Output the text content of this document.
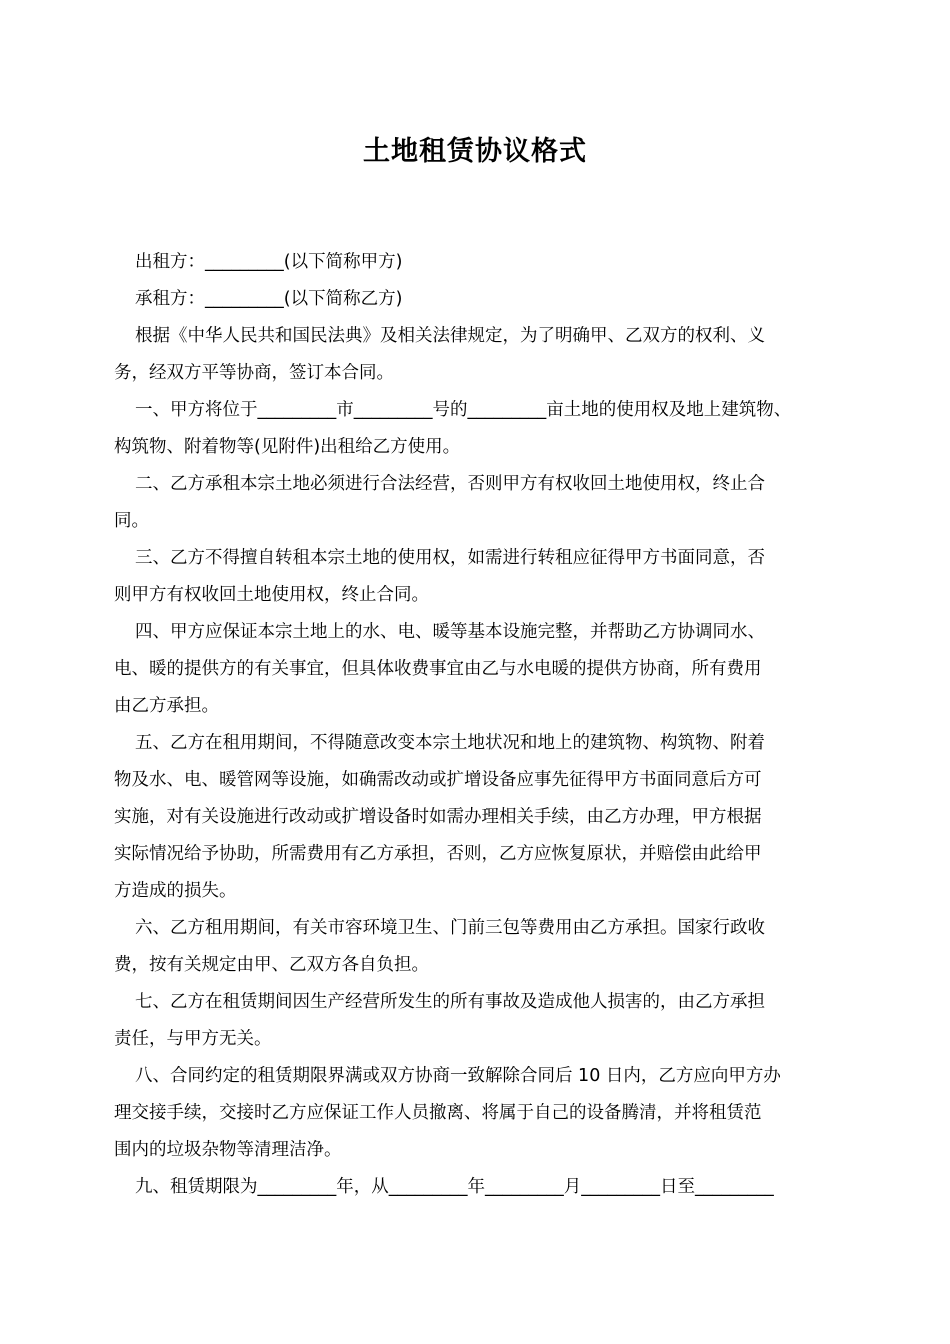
土地租赁协议格式

出租方：_________(以下简称甲方)

承租方：_________(以下简称乙方)

根据《中华人民共和国民法典》及相关法律规定，为了明确甲、乙双方的权利、义
务，经双方平等协商，签订本合同。

一、甲方将位于_________市_________号的_________亩土地的使用权及地上建筑物、
构筑物、附着物等(见附件)出租给乙方使用。

二、乙方承租本宗土地必须进行合法经营，否则甲方有权收回土地使用权，终止合
同。

三、乙方不得擅自转租本宗土地的使用权，如需进行转租应征得甲方书面同意，否
则甲方有权收回土地使用权，终止合同。

四、甲方应保证本宗土地上的水、电、暖等基本设施完整，并帮助乙方协调同水、
电、暖的提供方的有关事宜，但具体收费事宜由乙与水电暖的提供方协商，所有费用
由乙方承担。

五、乙方在租用期间，不得随意改变本宗土地状况和地上的建筑物、构筑物、附着
物及水、电、暖管网等设施，如确需改动或扩增设备应事先征得甲方书面同意后方可
实施，对有关设施进行改动或扩增设备时如需办理相关手续，由乙方办理，甲方根据
实际情况给予协助，所需费用有乙方承担，否则，乙方应恢复原状，并赔偿由此给甲
方造成的损失。

六、乙方租用期间，有关市容环境卫生、门前三包等费用由乙方承担。国家行政收
费，按有关规定由甲、乙双方各自负担。

七、乙方在租赁期间因生产经营所发生的所有事故及造成他人损害的，由乙方承担
责任，与甲方无关。

八、合同约定的租赁期限界满或双方协商一致解除合同后 10 日内，乙方应向甲方办
理交接手续，交接时乙方应保证工作人员撤离、将属于自己的设备腾清，并将租赁范
围内的垃圾杂物等清理洁净。

九、租赁期限为_________年，从_________年_________月_________日至_________
